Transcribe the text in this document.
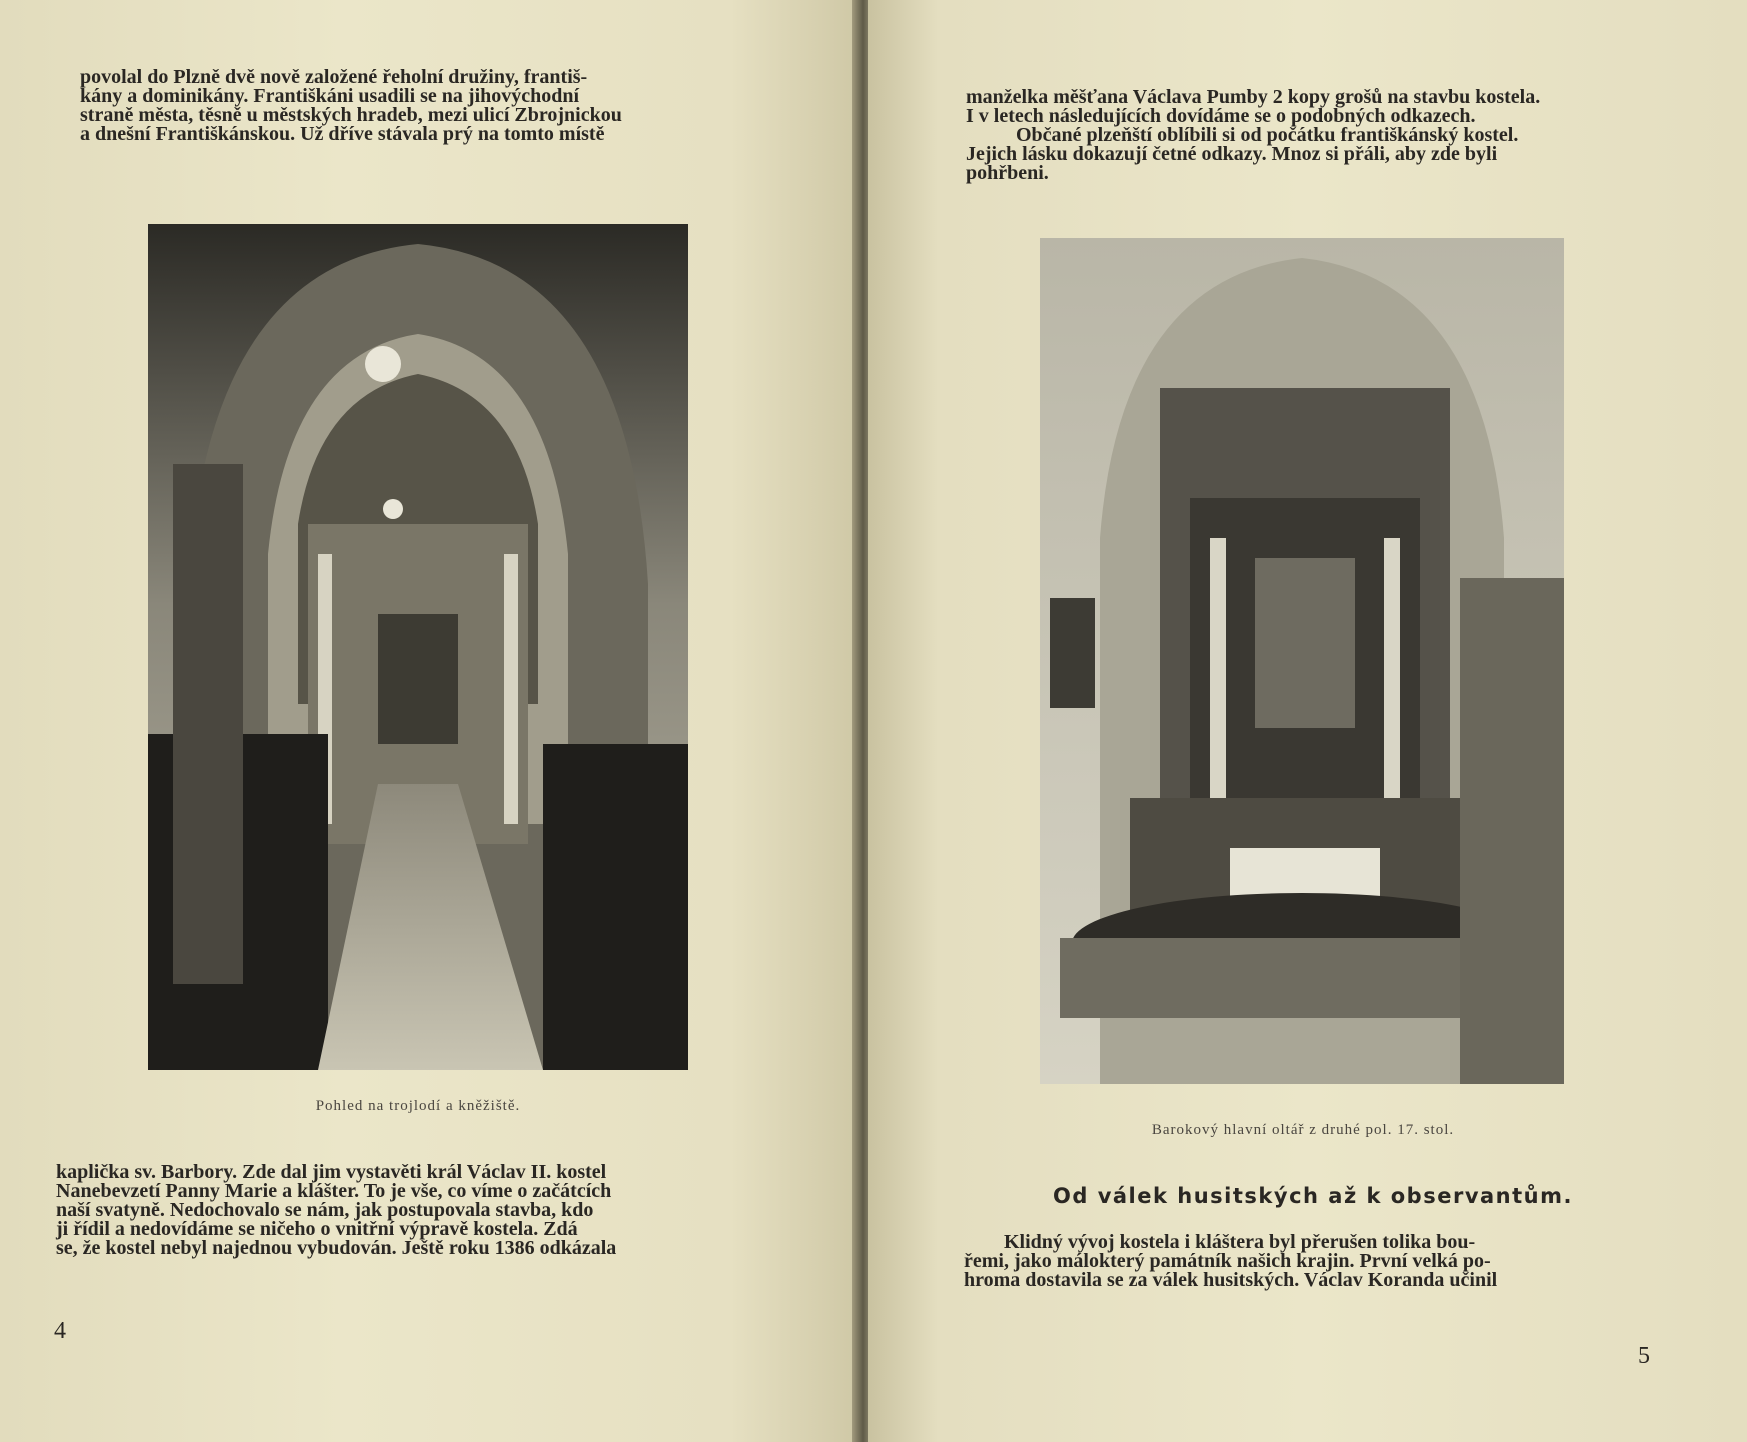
povolal do Plzně dvě nově založené řeholní družiny, františ-

kány a dominikány. Františkáni usadili se na jihovýchodní

straně města, těsně u městských hradeb, mezi ulicí Zbrojnickou

a dnešní Františkánskou. Už dříve stávala prý na tomto místě

Pohled na trojlodí a kněžiště.

kaplička sv. Barbory. Zde dal jim vystavěti král Václav II. kostel

Nanebevzetí Panny Marie a klášter. To je vše, co víme o začátcích

naší svatyně. Nedochovalo se nám, jak postupovala stavba, kdo

ji řídil a nedovídáme se ničeho o vnitřní výpravě kostela. Zdá

se, že kostel nebyl najednou vybudován. Ještě roku 1386 odkázala

4

manželka měšťana Václava Pumby 2 kopy grošů na stavbu kostela.

I v letech následujících dovídáme se o podobných odkazech.

Občané plzeňští oblíbili si od počátku františkánský kostel.

Jejich lásku dokazují četné odkazy. Mnoz si přáli, aby zde byli

pohřbeni.

Barokový hlavní oltář z druhé pol. 17. stol.
Od válek husitských až k observantům.

Klidný vývoj kostela i kláštera byl přerušen tolika bou-

řemi, jako málokterý památník našich krajin. První velká po-

hroma dostavila se za válek husitských. Václav Koranda učinil

5
